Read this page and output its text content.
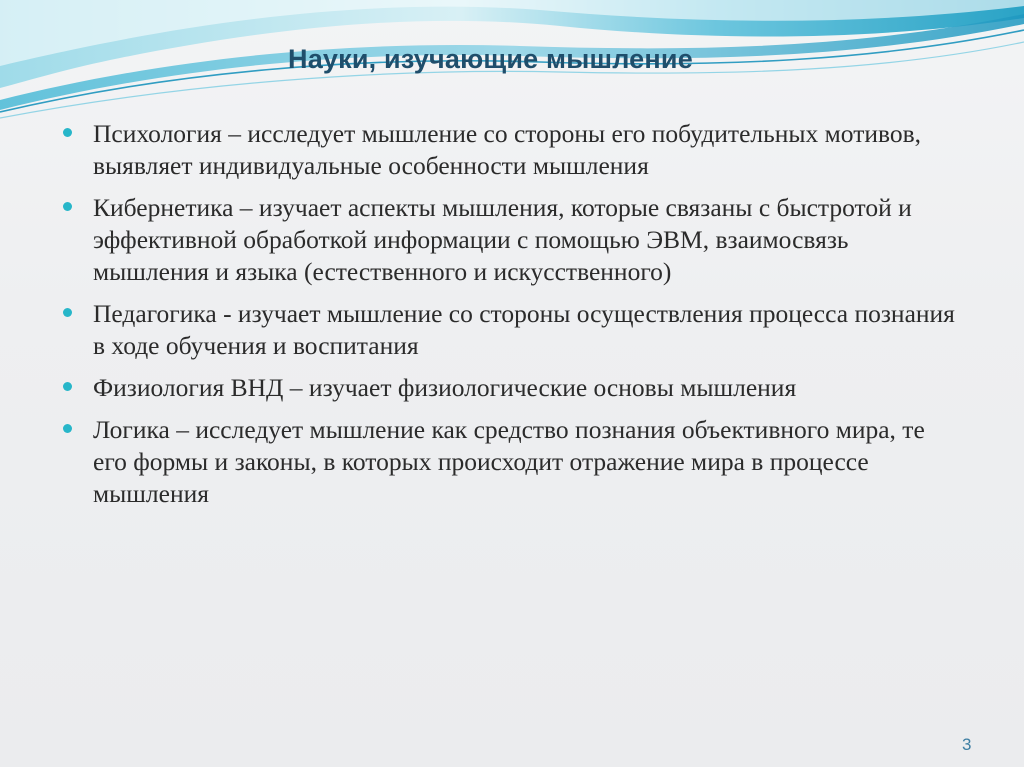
Науки, изучающие мышление
Психология – исследует мышление со стороны его побудительных мотивов, выявляет индивидуальные особенности мышления
Кибернетика – изучает аспекты мышления, которые связаны с быстротой и эффективной обработкой информации с помощью ЭВМ, взаимосвязь мышления и языка (естественного и искусственного)
Педагогика - изучает мышление со стороны осуществления процесса познания в ходе обучения и воспитания
Физиология ВНД – изучает физиологические основы мышления
Логика – исследует мышление как средство познания объективного мира, те его формы и законы, в которых происходит отражение мира в процессе мышления
3
